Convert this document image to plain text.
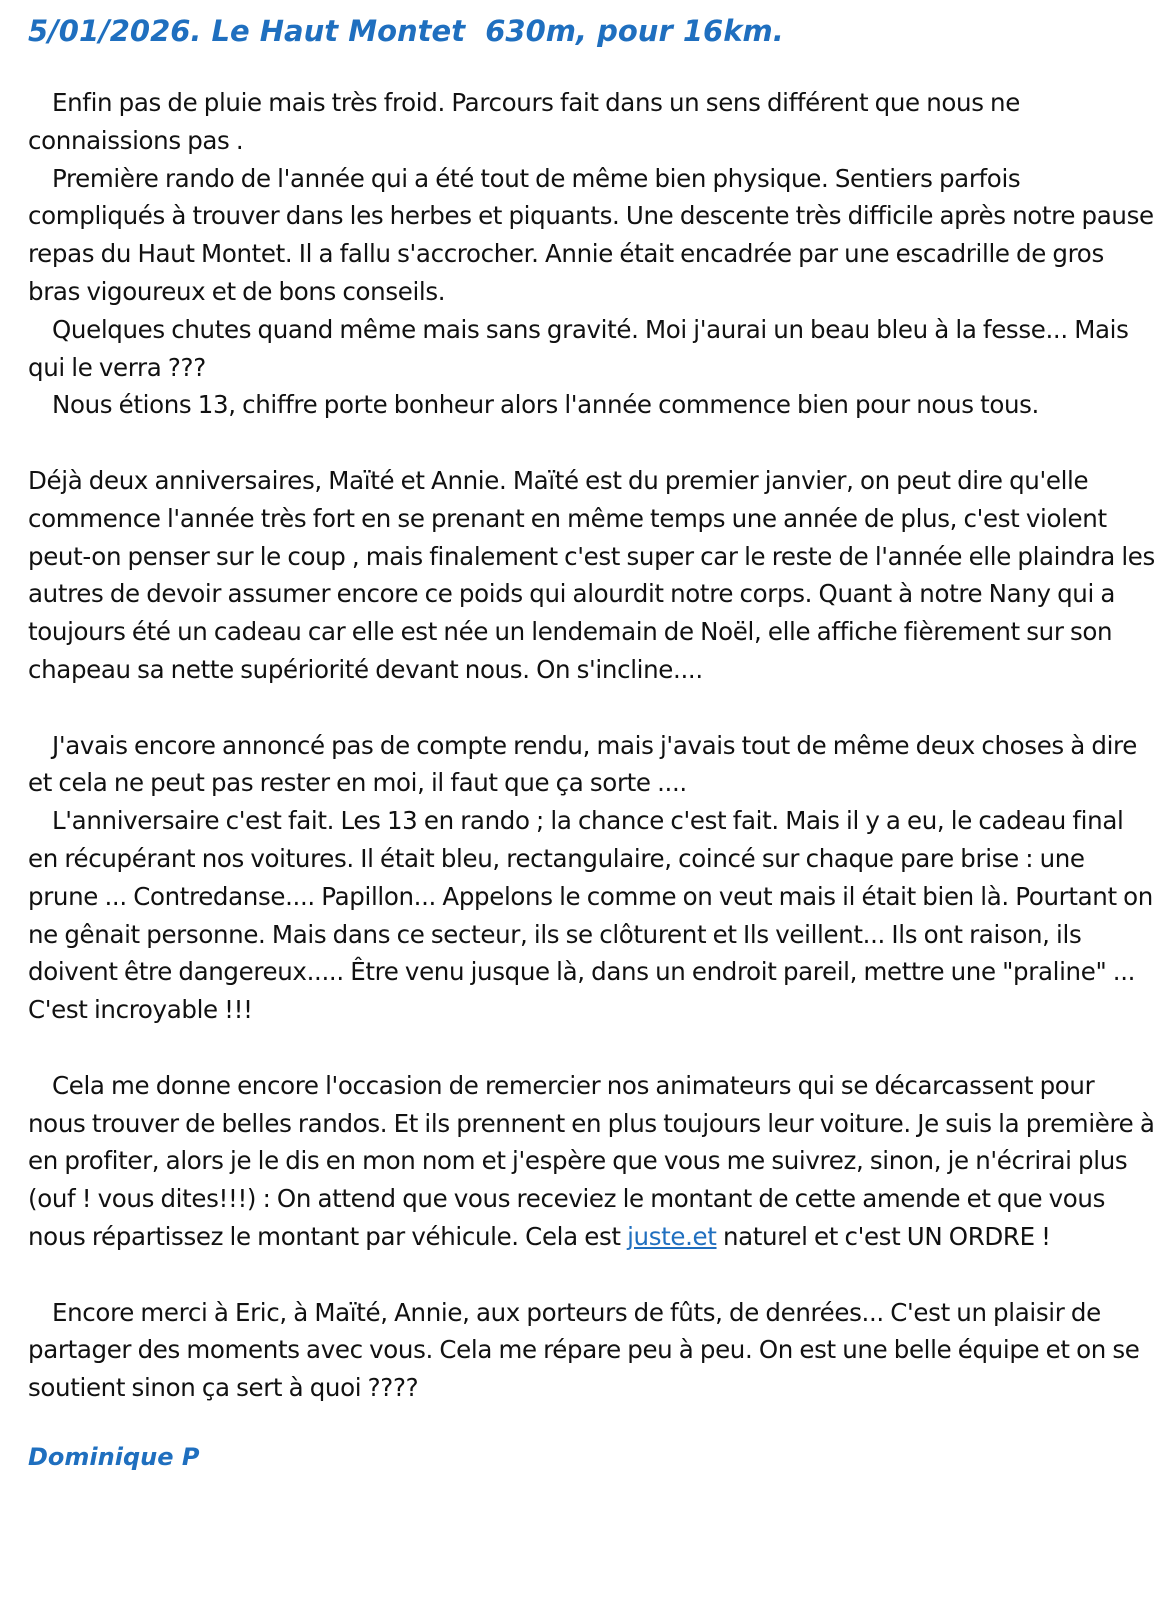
5/01/2026. Le Haut Montet  630m, pour 16km.

Enfin pas de pluie mais très froid. Parcours fait dans un sens différent que nous ne connaissions pas .

Première rando de l'année qui a été tout de même bien physique. Sentiers parfois compliqués à trouver dans les herbes et piquants. Une descente très difficile après notre pause repas du Haut Montet. Il a fallu s'accrocher. Annie était encadrée par une escadrille de gros bras vigoureux et de bons conseils.

Quelques chutes quand même mais sans gravité. Moi j'aurai un beau bleu à la fesse... Mais qui le verra ???

Nous étions 13, chiffre porte bonheur alors l'année commence bien pour nous tous.

Déjà deux anniversaires, Maïté et Annie. Maïté est du premier janvier, on peut dire qu'elle commence l'année très fort en se prenant en même temps une année de plus, c'est violent peut-on penser sur le coup , mais finalement c'est super car le reste de l'année elle plaindra les autres de devoir assumer encore ce poids qui alourdit notre corps. Quant à notre Nany qui a toujours été un cadeau car elle est née un lendemain de Noël, elle affiche fièrement sur son chapeau sa nette supériorité devant nous. On s'incline....

J'avais encore annoncé pas de compte rendu, mais j'avais tout de même deux choses à dire et cela ne peut pas rester en moi, il faut que ça sorte ....

L'anniversaire c'est fait. Les 13 en rando ; la chance c'est fait. Mais il y a eu, le cadeau final en récupérant nos voitures. Il était bleu, rectangulaire, coincé sur chaque pare brise : une prune ... Contredanse.... Papillon... Appelons le comme on veut mais il était bien là. Pourtant on ne gênait personne. Mais dans ce secteur, ils se clôturent et Ils veillent... Ils ont raison, ils doivent être dangereux..... Être venu jusque là, dans un endroit pareil, mettre une "praline" ... C'est incroyable !!!

Cela me donne encore l'occasion de remercier nos animateurs qui se décarcassent pour nous trouver de belles randos. Et ils prennent en plus toujours leur voiture. Je suis la première à en profiter, alors je le dis en mon nom et j'espère que vous me suivrez, sinon, je n'écrirai plus (ouf ! vous dites!!!) : On attend que vous receviez le montant de cette amende et que vous nous répartissez le montant par véhicule. Cela est juste.et naturel et c'est UN ORDRE !

Encore merci à Eric, à Maïté, Annie, aux porteurs de fûts, de denrées... C'est un plaisir de partager des moments avec vous. Cela me répare peu à peu. On est une belle équipe et on se soutient sinon ça sert à quoi ????

Dominique P
